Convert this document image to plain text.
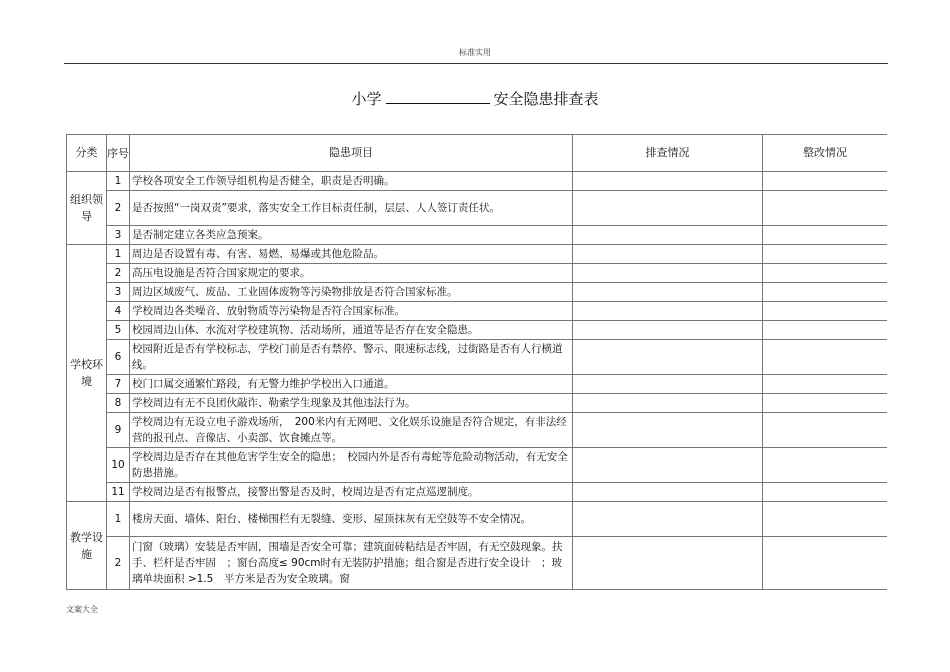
标准实用
小学	安全隐患排查表
分类	序号	隐患项目	排查情况	整改情况
组织领导	1	学校各项安全工作领导组机构是否健全，职责是否明确。		
	2	是否按照“一岗双责”要求，落实安全工作目标责任制，层层、人人签订责任状。		
	3	是否制定建立各类应急预案。		
学校环境	1	周边是否设置有毒、有害、易燃、易爆或其他危险品。		
	2	高压电设施是否符合国家规定的要求。		
	3	周边区域废气、废品、工业固体废物等污染物排放是否符合国家标准。		
	4	学校周边各类噪音、放射物质等污染物是否符合国家标准。		
	5	校园周边山体、水流对学校建筑物、活动场所，通道等是否存在安全隐患。		
	6	校园附近是否有学校标志，学校门前是否有禁停、警示、限速标志线，过街路是否有人行横道线。		
	7	校门口属交通繁忙路段，有无警力维护学校出入口通道。		
	8	学校周边有无不良团伙敲诈、勒索学生现象及其他违法行为。		
	9	学校周边有无设立电子游戏场所，　200米内有无网吧、文化娱乐设施是否符合规定，有非法经营的报刊点、音像店、小卖部、饮食摊点等。		
	10	学校周边是否存在其他危害学生安全的隐患；　校园内外是否有毒蛇等危险动物活动，有无安全防患措施。		
	11	学校周边是否有报警点，接警出警是否及时，校周边是否有定点巡逻制度。		
教学设施	1	楼房天面、墙体、阳台、楼梯围栏有无裂缝、变形、屋顶抹灰有无空鼓等不安全情况。		
	2	门窗（玻璃）安装是否牢固，围墙是否安全可靠；建筑面砖粘结是否牢固，有无空鼓现象。扶手、栏杆是否牢固　；窗台高度≤ 90cm时有无装防护措施；组合窗是否进行安全设计　；玻璃单块面积 >1.5　平方米是否为安全玻璃。窗		
文案大全
